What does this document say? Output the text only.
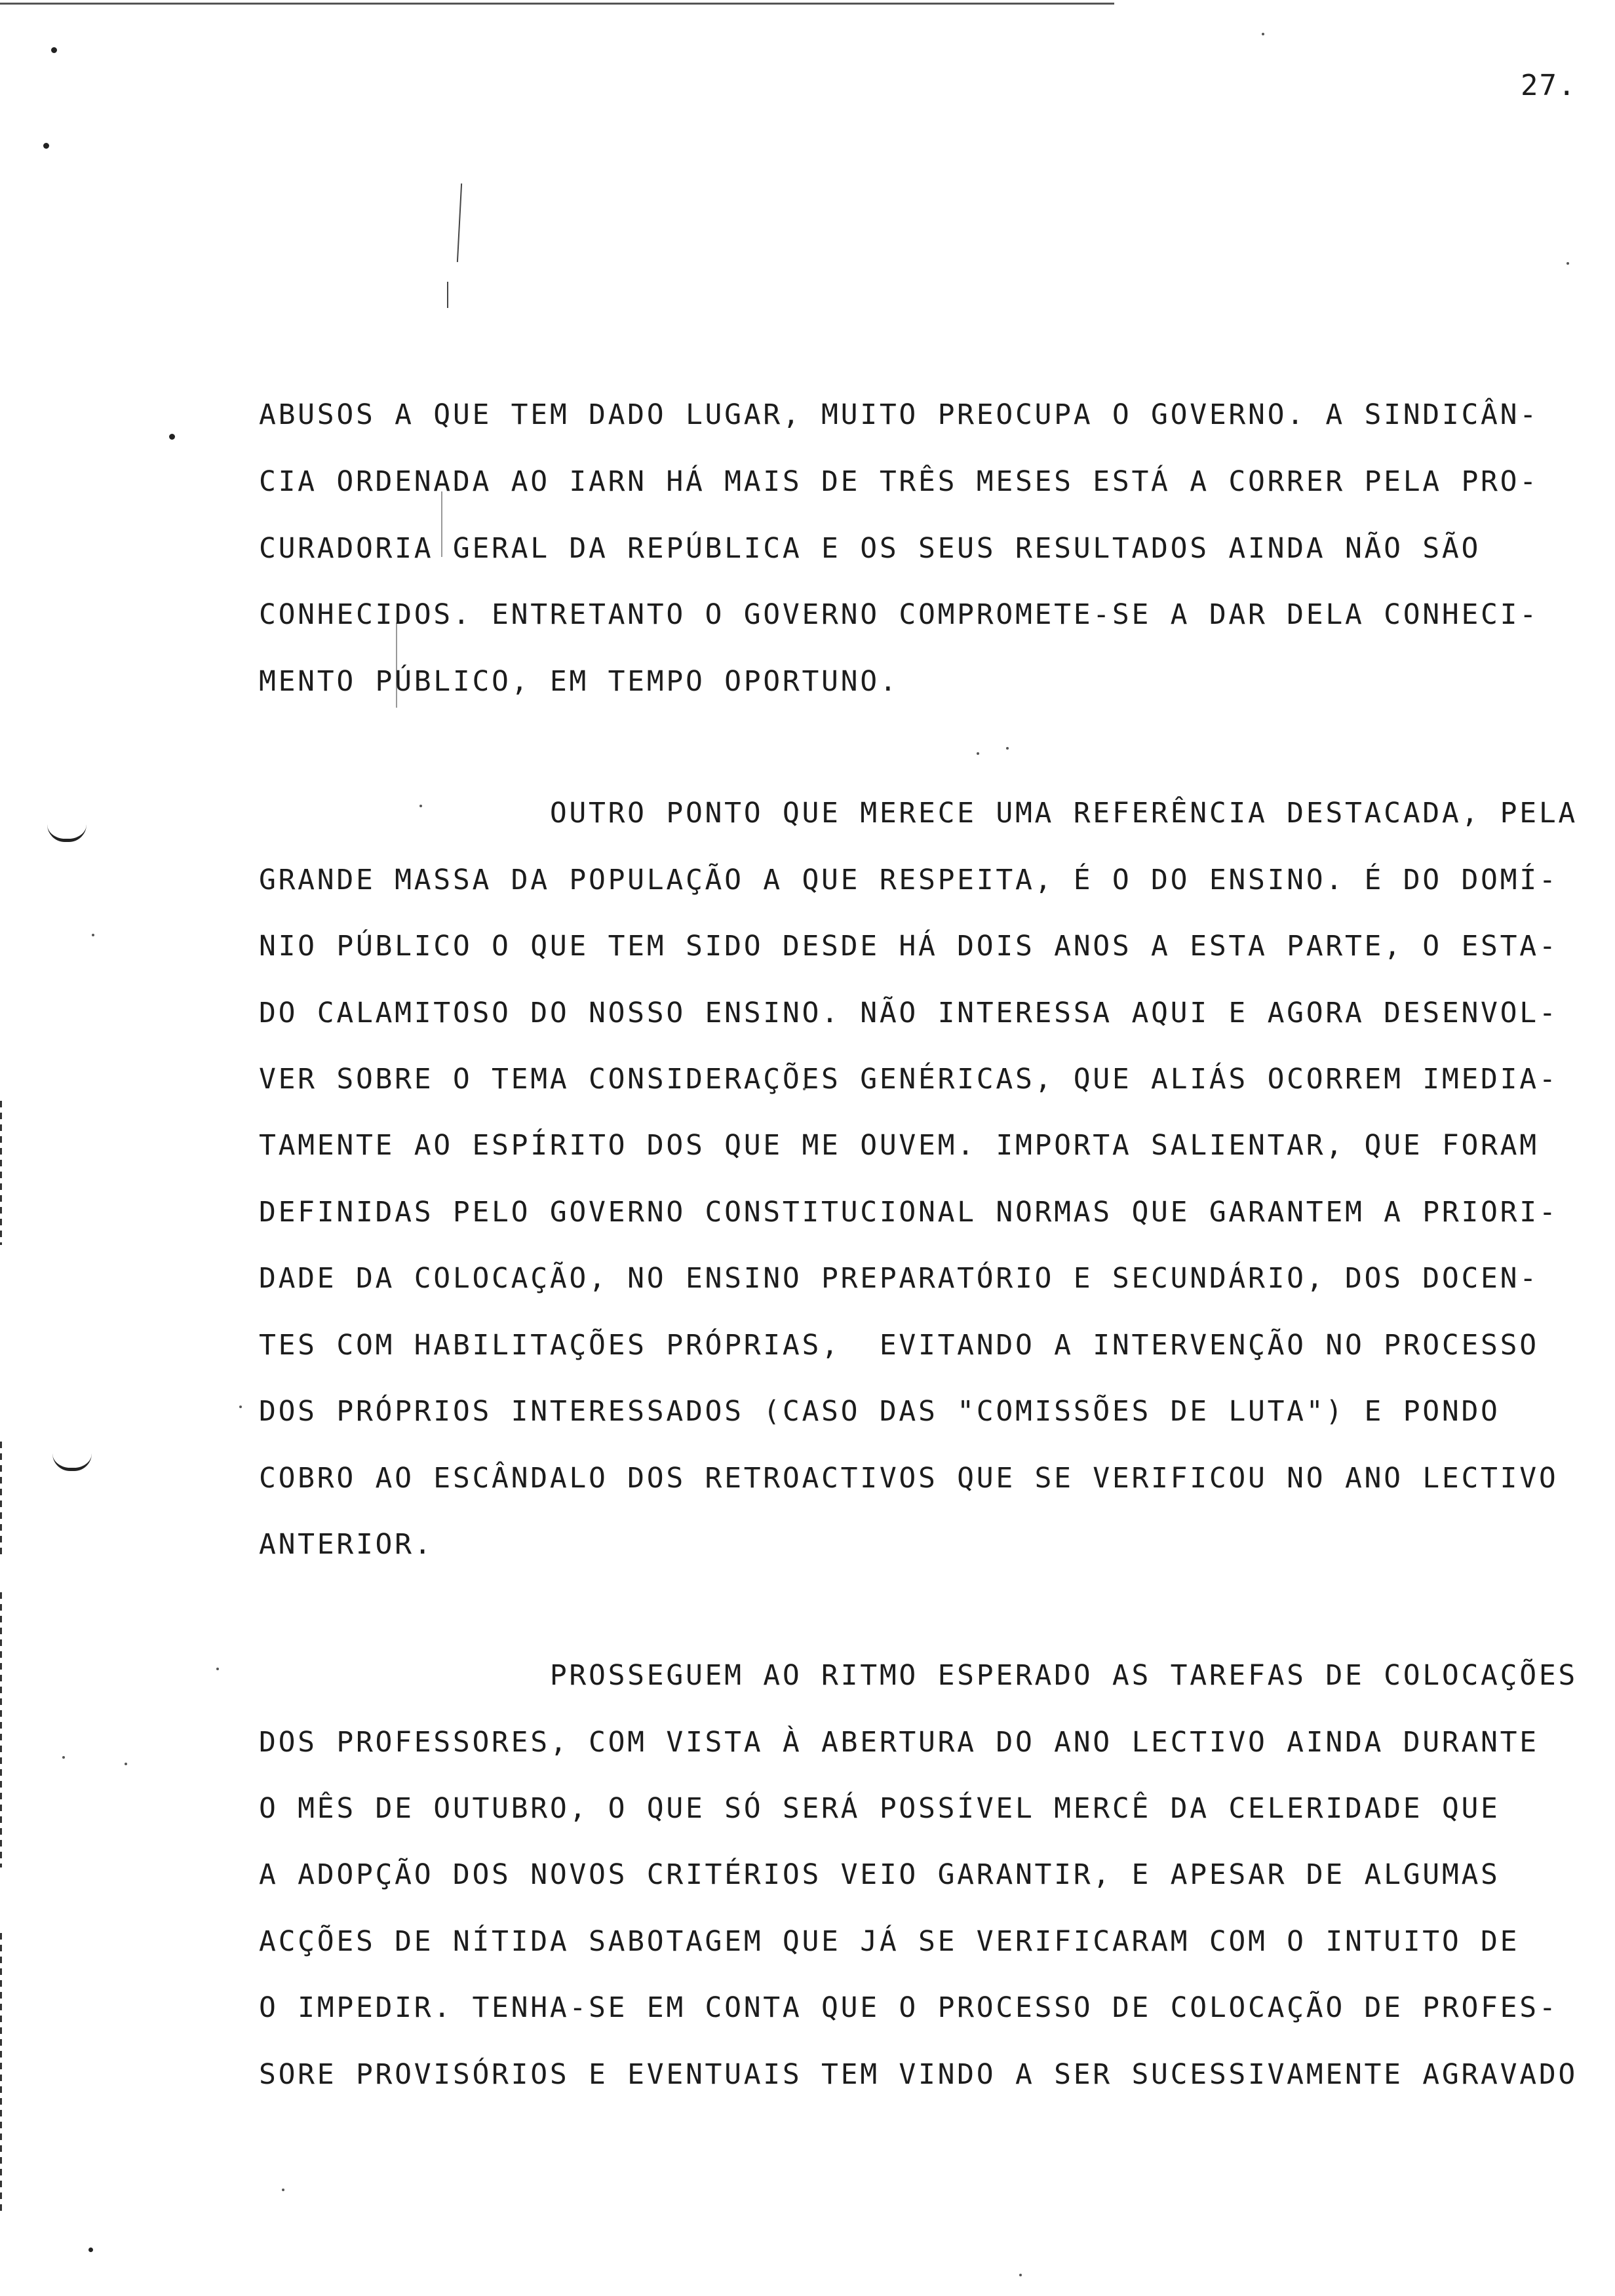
27.
ABUSOS A QUE TEM DADO LUGAR, MUITO PREOCUPA O GOVERNO. A SINDICÂN-
CIA ORDENADA AO IARN HÁ MAIS DE TRÊS MESES ESTÁ A CORRER PELA PRO-
CURADORIA GERAL DA REPÚBLICA E OS SEUS RESULTADOS AINDA NÃO SÃO
CONHECIDOS. ENTRETANTO O GOVERNO COMPROMETE-SE A DAR DELA CONHECI-
MENTO PÚBLICO, EM TEMPO OPORTUNO.
OUTRO PONTO QUE MERECE UMA REFERÊNCIA DESTACADA, PELA
GRANDE MASSA DA POPULAÇÃO A QUE RESPEITA, É O DO ENSINO. É DO DOMÍ-
NIO PÚBLICO O QUE TEM SIDO DESDE HÁ DOIS ANOS A ESTA PARTE, O ESTA-
DO CALAMITOSO DO NOSSO ENSINO. NÃO INTERESSA AQUI E AGORA DESENVOL-
VER SOBRE O TEMA CONSIDERAÇÕES GENÉRICAS, QUE ALIÁS OCORREM IMEDIA-
TAMENTE AO ESPÍRITO DOS QUE ME OUVEM. IMPORTA SALIENTAR, QUE FORAM
DEFINIDAS PELO GOVERNO CONSTITUCIONAL NORMAS QUE GARANTEM A PRIORI-
DADE DA COLOCAÇÃO, NO ENSINO PREPARATÓRIO E SECUNDÁRIO, DOS DOCEN-
TES COM HABILITAÇÕES PRÓPRIAS,  EVITANDO A INTERVENÇÃO NO PROCESSO
DOS PRÓPRIOS INTERESSADOS (CASO DAS "COMISSÕES DE LUTA") E PONDO
COBRO AO ESCÂNDALO DOS RETROACTIVOS QUE SE VERIFICOU NO ANO LECTIVO
ANTERIOR.
PROSSEGUEM AO RITMO ESPERADO AS TAREFAS DE COLOCAÇÕES
DOS PROFESSORES, COM VISTA À ABERTURA DO ANO LECTIVO AINDA DURANTE
O MÊS DE OUTUBRO, O QUE SÓ SERÁ POSSÍVEL MERCÊ DA CELERIDADE QUE
A ADOPÇÃO DOS NOVOS CRITÉRIOS VEIO GARANTIR, E APESAR DE ALGUMAS
ACÇÕES DE NÍTIDA SABOTAGEM QUE JÁ SE VERIFICARAM COM O INTUITO DE
O IMPEDIR. TENHA-SE EM CONTA QUE O PROCESSO DE COLOCAÇÃO DE PROFES-
SORE PROVISÓRIOS E EVENTUAIS TEM VINDO A SER SUCESSIVAMENTE AGRAVADO
